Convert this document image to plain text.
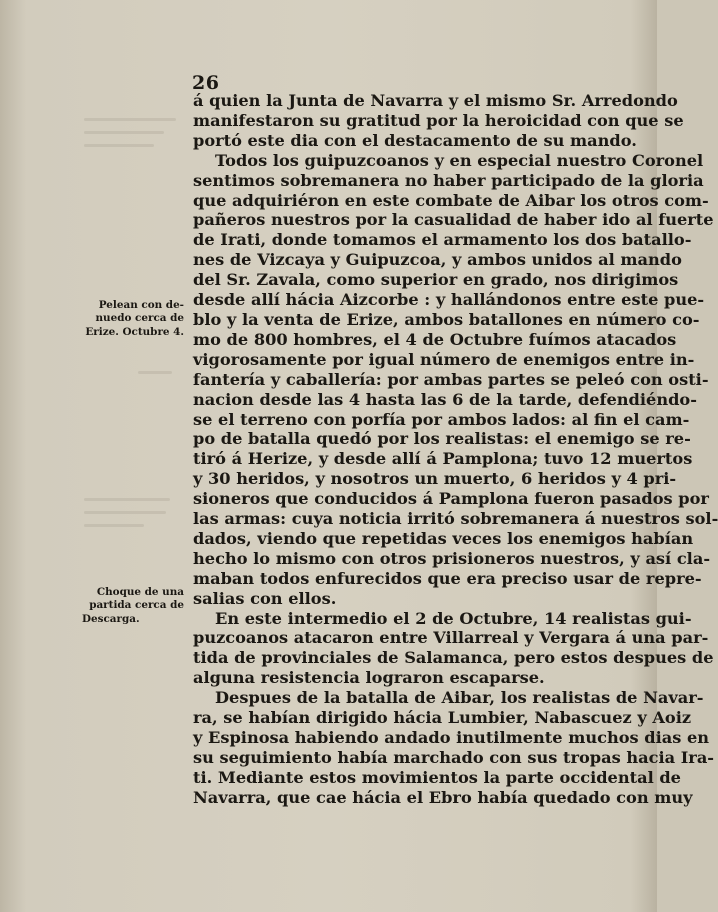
26
Pelean con de-
nuedo cerca de
Erize. Octubre 4.
Choque de una
partida cerca de
Descarga.
á quien la Junta de Navarra y el mismo Sr. Arredondo
manifestaron su gratitud por la heroicidad con que se
portó este dia con el destacamento de su mando.
Todos los guipuzcoanos y en especial nuestro Coronel
sentimos sobremanera no haber participado de la gloria
que adquiriéron en este combate de Aibar los otros com-
pañeros nuestros por la casualidad de haber ido al fuerte
de Irati, donde tomamos el armamento los dos batallo-
nes de Vizcaya y Guipuzcoa, y ambos unidos al mando
del Sr. Zavala, como superior en grado, nos dirigimos
desde allí hácia Aizcorbe : y hallándonos entre este pue-
blo y la venta de Erize, ambos batallones en número co-
mo de 800 hombres, el 4 de Octubre fuímos atacados
vigorosamente por igual número de enemigos entre in-
fantería y caballería: por ambas partes se peleó con osti-
nacion desde las 4 hasta las 6 de la tarde, defendiéndo-
se el terreno con porfía por ambos lados: al fin el cam-
po de batalla quedó por los realistas: el enemigo se re-
tiró á Herize, y desde allí á Pamplona; tuvo 12 muertos
y 30 heridos, y nosotros un muerto, 6 heridos y 4 pri-
sioneros que conducidos á Pamplona fueron pasados por
las armas: cuya noticia irritó sobremanera á nuestros sol-
dados, viendo que repetidas veces los enemigos habían
hecho lo mismo con otros prisioneros nuestros, y así cla-
maban todos enfurecidos que era preciso usar de repre-
salias con ellos.
En este intermedio el 2 de Octubre, 14 realistas gui-
puzcoanos atacaron entre Villarreal y Vergara á una par-
tida de provinciales de Salamanca, pero estos despues de
alguna resistencia lograron escaparse.
Despues de la batalla de Aibar, los realistas de Navar-
ra, se habían dirigido hácia Lumbier, Nabascuez y Aoiz
y Espinosa habiendo andado inutilmente muchos dias en
su seguimiento había marchado con sus tropas hacia Ira-
ti. Mediante estos movimientos la parte occidental de
Navarra, que cae hácia el Ebro había quedado con muy
